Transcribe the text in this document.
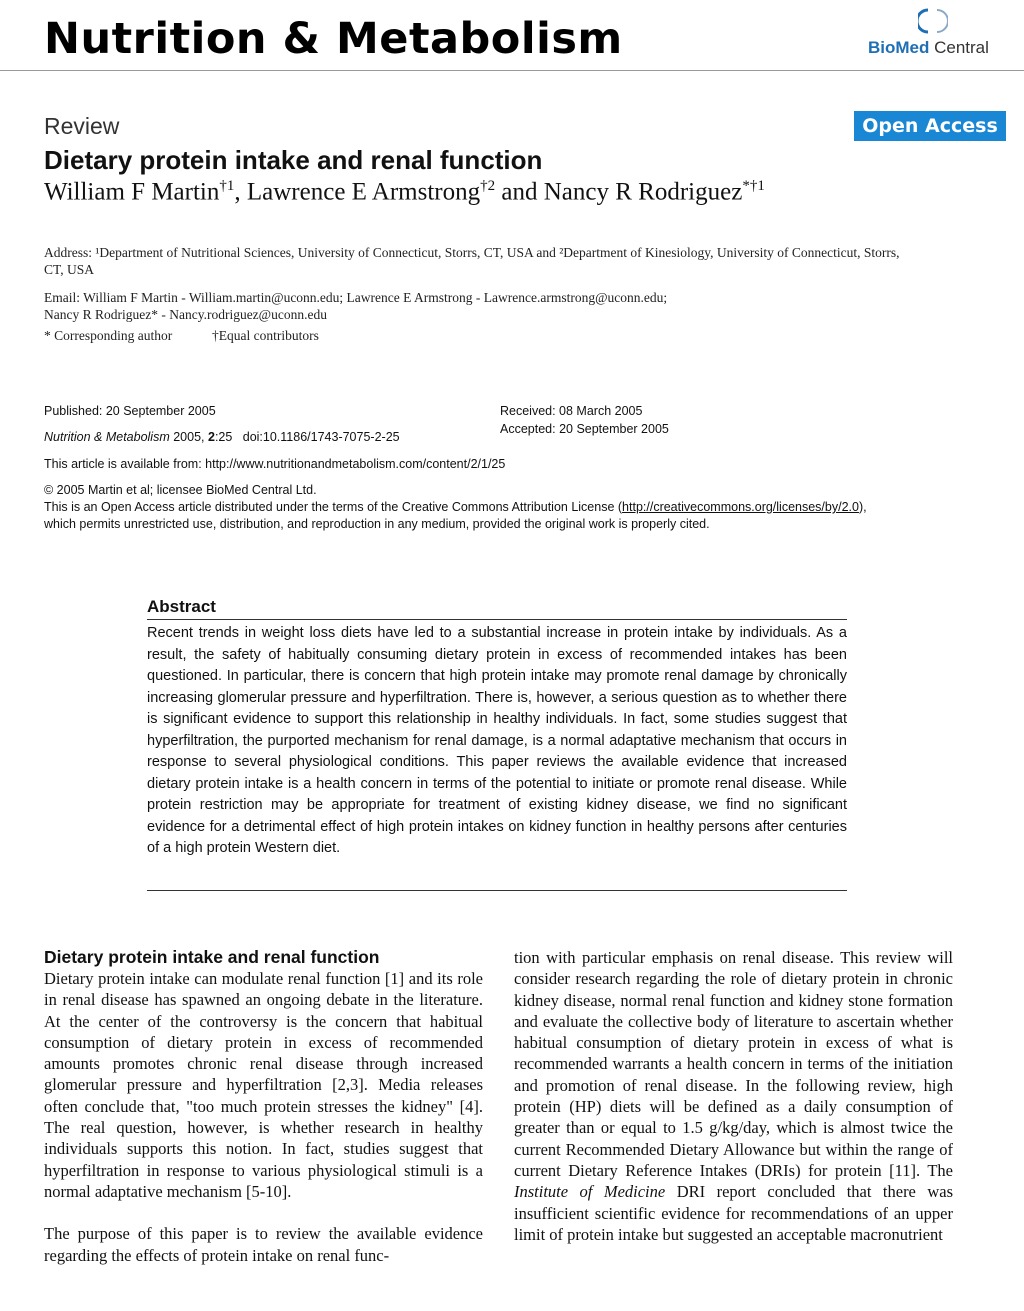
Nutrition & Metabolism	BioMed Central
Review	Open Access
Dietary protein intake and renal function
William F Martin$^{\dagger 1}$, Lawrence E Armstrong$^{\dagger 2}$ and Nancy R Rodriguez$^{*\dagger 1}$
Address: ¹Department of Nutritional Sciences, University of Connecticut, Storrs, CT, USA and ²Department of Kinesiology, University of Connecticut, Storrs, CT, USA
Email: William F Martin - William.martin@uconn.edu; Lawrence E Armstrong - Lawrence.armstrong@uconn.edu;
Nancy R Rodriguez* - Nancy.rodriguez@uconn.edu
* Corresponding author	†Equal contributors
Published: 20 September 2005
Nutrition & Metabolism 2005, 2:25 doi:10.1186/1743-7075-2-25
Received: 08 March 2005
Accepted: 20 September 2005
This article is available from: http://www.nutritionandmetabolism.com/content/2/1/25
© 2005 Martin et al; licensee BioMed Central Ltd.
This is an Open Access article distributed under the terms of the Creative Commons Attribution License (http://creativecommons.org/licenses/by/2.0),
which permits unrestricted use, distribution, and reproduction in any medium, provided the original work is properly cited.
Abstract
Recent trends in weight loss diets have led to a substantial increase in protein intake by individuals. As a result, the safety of habitually consuming dietary protein in excess of recommended intakes has been questioned. In particular, there is concern that high protein intake may promote renal damage by chronically increasing glomerular pressure and hyperfiltration. There is, however, a serious question as to whether there is significant evidence to support this relationship in healthy individuals. In fact, some studies suggest that hyperfiltration, the purported mechanism for renal damage, is a normal adaptative mechanism that occurs in response to several physiological conditions. This paper reviews the available evidence that increased dietary protein intake is a health concern in terms of the potential to initiate or promote renal disease. While protein restriction may be appropriate for treatment of existing kidney disease, we find no significant evidence for a detrimental effect of high protein intakes on kidney function in healthy persons after centuries of a high protein Western diet.
Dietary protein intake and renal function

Dietary protein intake can modulate renal function [1] and its role in renal disease has spawned an ongoing debate in the literature. At the center of the controversy is the concern that habitual consumption of dietary protein in excess of recommended amounts promotes chronic renal disease through increased glomerular pressure and hyperfiltration [2,3]. Media releases often conclude that, "too much protein stresses the kidney" [4]. The real question, however, is whether research in healthy individuals supports this notion. In fact, studies suggest that hyperfiltration in response to various physiological stimuli is a normal adaptative mechanism [5-10].

The purpose of this paper is to review the available evidence regarding the effects of protein intake on renal func-

tion with particular emphasis on renal disease. This review will consider research regarding the role of dietary protein in chronic kidney disease, normal renal function and kidney stone formation and evaluate the collective body of literature to ascertain whether habitual consumption of dietary protein in excess of what is recommended warrants a health concern in terms of the initiation and promotion of renal disease. In the following review, high protein (HP) diets will be defined as a daily consumption of greater than or equal to 1.5 g/kg/day, which is almost twice the current Recommended Dietary Allowance but within the range of current Dietary Reference Intakes (DRIs) for protein [11]. The Institute of Medicine DRI report concluded that there was insufficient scientific evidence for recommendations of an upper limit of protein intake but suggested an acceptable macronutrient
